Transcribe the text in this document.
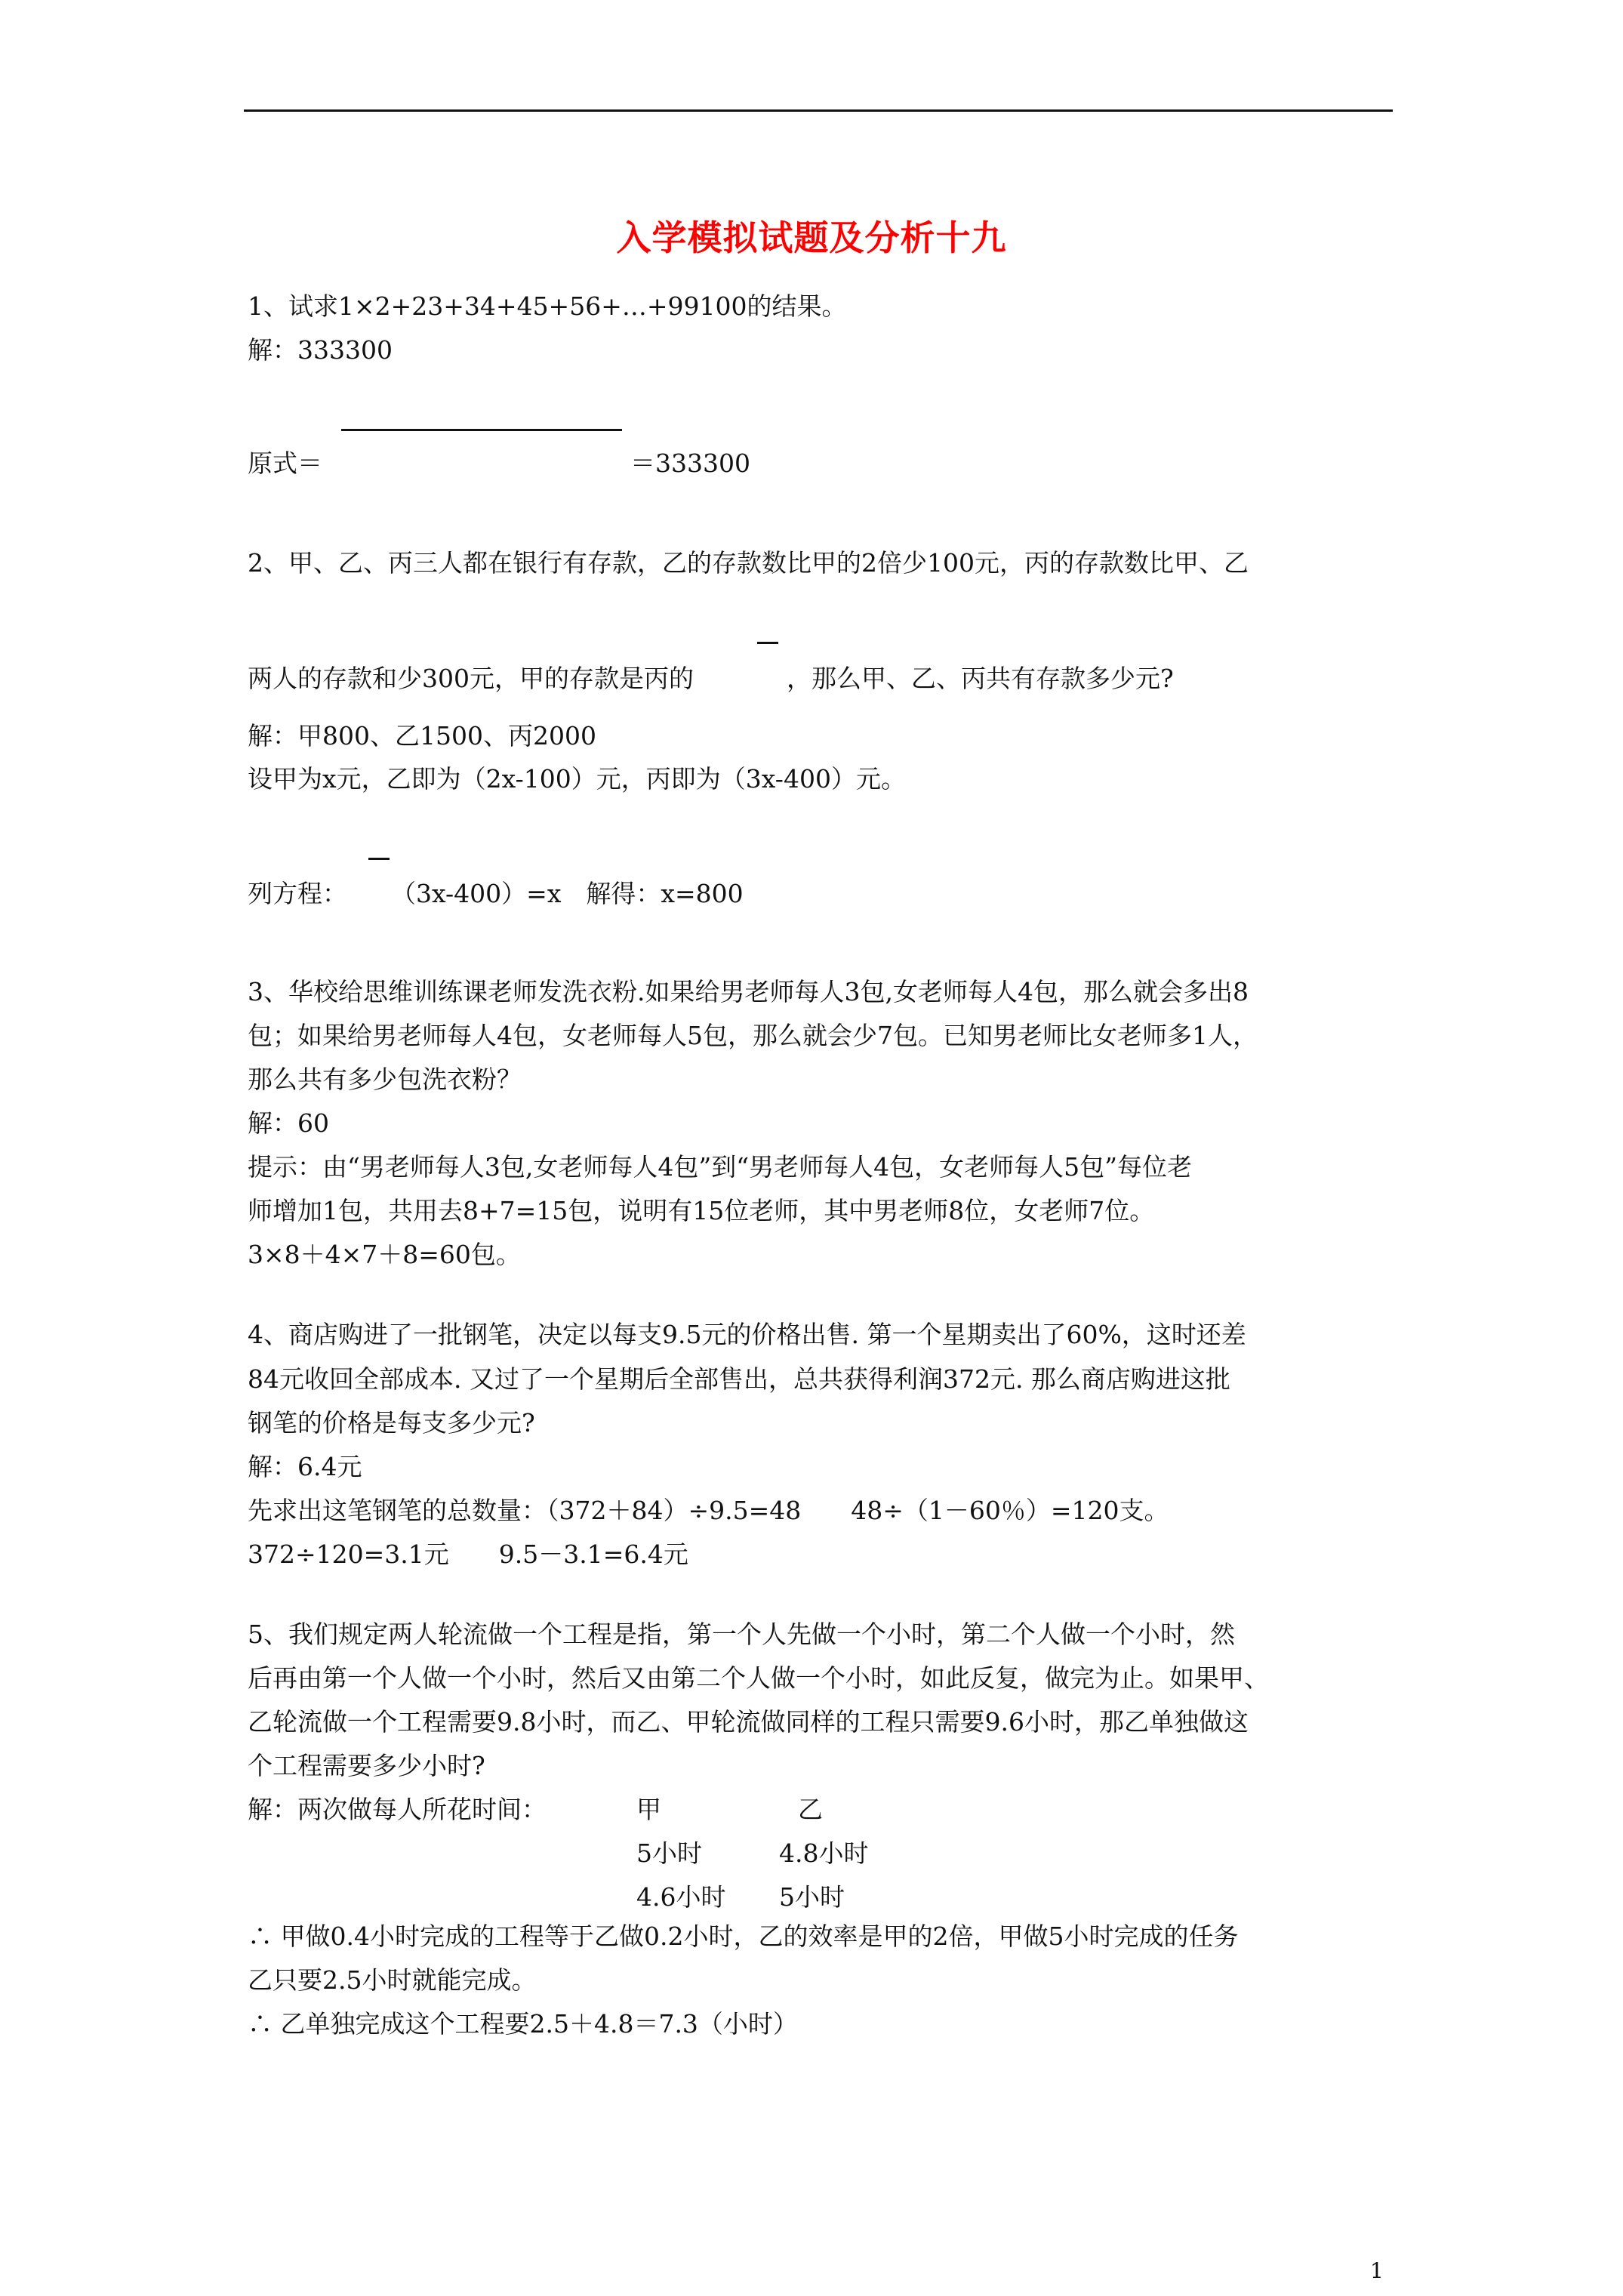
入学模拟试题及分析十九
1、试求1×2+23+34+45+56+…+99100的结果。
解：333300
原式＝	＝333300
2、甲、乙、丙三人都在银行有存款，乙的存款数比甲的2倍少100元，丙的存款数比甲、乙
两人的存款和少300元，甲的存款是丙的	，那么甲、乙、丙共有存款多少元?
解：甲800、乙1500、丙2000
设甲为x元，乙即为（2x-100）元，丙即为（3x-400）元。
列方程： （3x-400）=x　解得：x=800
3、华校给思维训练课老师发洗衣粉.如果给男老师每人3包,女老师每人4包，那么就会多出8
包；如果给男老师每人4包，女老师每人5包，那么就会少7包。已知男老师比女老师多1人，
那么共有多少包洗衣粉？
解：60
提示：由“男老师每人3包,女老师每人4包”到“男老师每人4包，女老师每人5包”每位老
师增加1包，共用去8+7=15包，说明有15位老师，其中男老师8位，女老师7位。
3×8＋4×7＋8=60包。
4、商店购进了一批钢笔，决定以每支9.5元的价格出售. 第一个星期卖出了60%，这时还差
84元收回全部成本. 又过了一个星期后全部售出，总共获得利润372元. 那么商店购进这批
钢笔的价格是每支多少元?
解：6.4元
先求出这笔钢笔的总数量：（372＋84）÷9.5=48　　48÷（1－60％）=120支。
372÷120=3.1元　　9.5－3.1=6.4元
5、我们规定两人轮流做一个工程是指，第一个人先做一个小时，第二个人做一个小时，然
后再由第一个人做一个小时，然后又由第二个人做一个小时，如此反复，做完为止。如果甲、
乙轮流做一个工程需要9.8小时，而乙、甲轮流做同样的工程只需要9.6小时，那乙单独做这
个工程需要多少小时?
解：两次做每人所花时间：	甲	乙
5小时	4.8小时
4.6小时 5小时
∴ 甲做0.4小时完成的工程等于乙做0.2小时，乙的效率是甲的2倍，甲做5小时完成的任务
乙只要2.5小时就能完成。
∴ 乙单独完成这个工程要2.5＋4.8＝7.3（小时）
1
